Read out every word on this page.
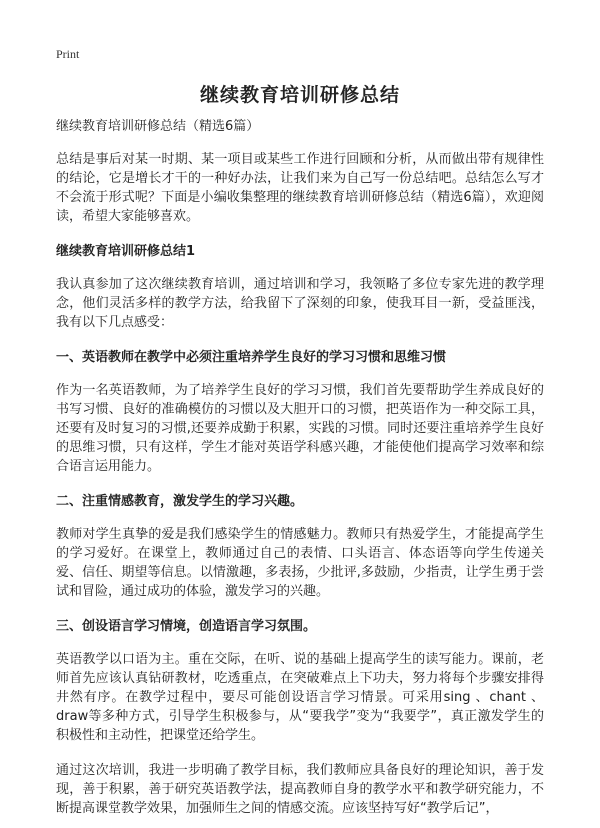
Print
继续教育培训研修总结
继续教育培训研修总结（精选6篇）

总结是事后对某一时期、某一项目或某些工作进行回顾和分析，从而做出带有规律性的结论，它是增长才干的一种好办法，让我们来为自己写一份总结吧。总结怎么写才不会流于形式呢？下面是小编收集整理的继续教育培训研修总结（精选6篇），欢迎阅读，希望大家能够喜欢。

继续教育培训研修总结1

我认真参加了这次继续教育培训，通过培训和学习，我领略了多位专家先进的教学理念，他们灵活多样的教学方法，给我留下了深刻的印象，使我耳目一新，受益匪浅，我有以下几点感受：

一、英语教师在教学中必须注重培养学生良好的学习习惯和思维习惯

作为一名英语教师，为了培养学生良好的学习习惯，我们首先要帮助学生养成良好的书写习惯、良好的准确模仿的习惯以及大胆开口的习惯，把英语作为一种交际工具，还要有及时复习的习惯,还要养成勤于积累，实践的习惯。同时还要注重培养学生良好的思维习惯，只有这样，学生才能对英语学科感兴趣，才能使他们提高学习效率和综合语言运用能力。

二、注重情感教育，激发学生的学习兴趣。

教师对学生真挚的爱是我们感染学生的情感魅力。教师只有热爱学生，才能提高学生的学习爱好。在课堂上，教师通过自己的表情、口头语言、体态语等向学生传递关爱、信任、期望等信息。以情激趣，多表扬，少批评,多鼓励，少指责，让学生勇于尝试和冒险，通过成功的体验，激发学习的兴趣。

三、创设语言学习情境，创造语言学习氛围。

英语教学以口语为主。重在交际，在听、说的基础上提高学生的读写能力。课前，老师首先应该认真钻研教材，吃透重点，在突破难点上下功夫，努力将每个步骤安排得井然有序。在教学过程中，要尽可能创设语言学习情景。可采用sing 、chant 、draw等多种方式，引导学生积极参与，从“要我学”变为“我要学”，真正激发学生的积极性和主动性，把课堂还给学生。

通过这次培训，我进一步明确了教学目标，我们教师应具备良好的理论知识，善于发现，善于积累，善于研究英语教学法，提高教师自身的教学水平和教学研究能力，不断提高课堂教学效果，加强师生之间的情感交流。应该坚持写好“教学后记”，
